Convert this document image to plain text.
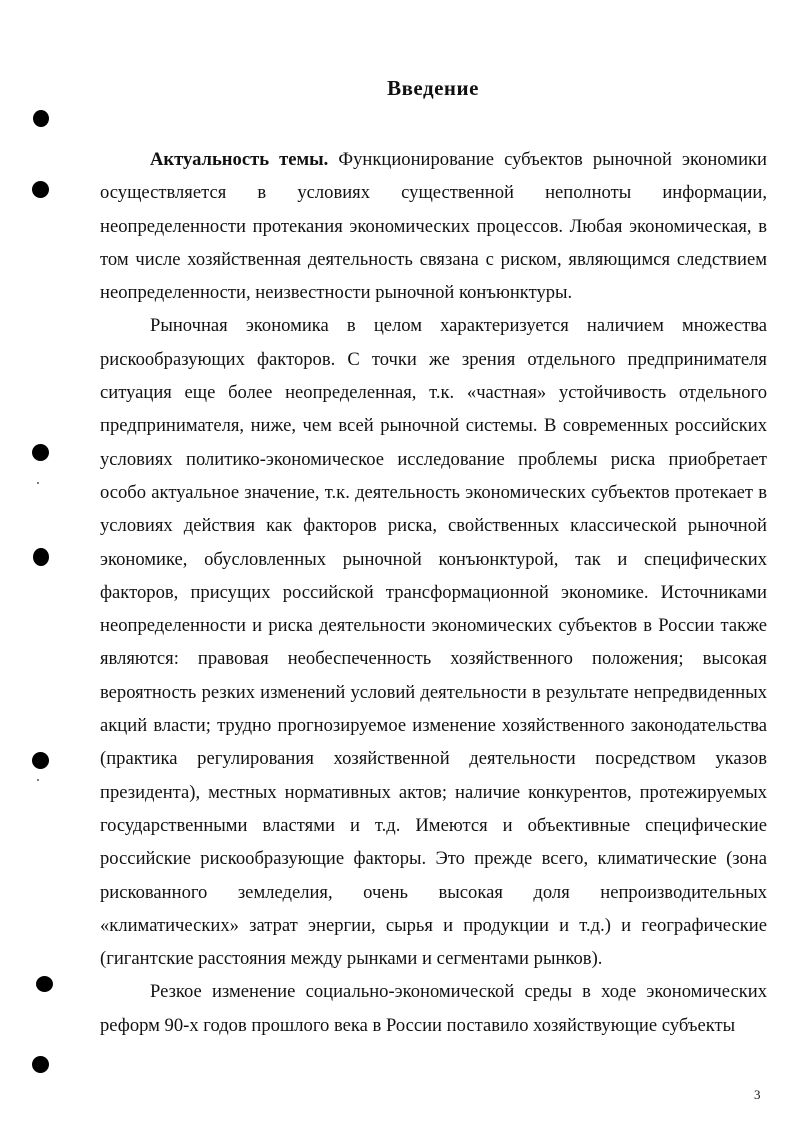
Введение

Актуальность темы. Функционирование субъектов рыночной экономики осуществляется в условиях существенной неполноты информации, неопределенности протекания экономических процессов. Любая экономическая, в том числе хозяйственная деятельность связана с риском, являющимся следствием неопределенности, неизвестности рыночной конъюнктуры.

Рыночная экономика в целом характеризуется наличием множества рискообразующих факторов. С точки же зрения отдельного предпринимателя ситуация еще более неопределенная, т.к. «частная» устойчивость отдельного предпринимателя, ниже, чем всей рыночной системы. В современных российских условиях политико-экономическое исследование проблемы риска приобретает особо актуальное значение, т.к. деятельность экономических субъектов протекает в условиях действия как факторов риска, свойственных классической рыночной экономике, обусловленных рыночной конъюнктурой, так и специфических факторов, присущих российской трансформационной экономике. Источниками неопределенности и риска деятельности экономических субъектов в России также являются: правовая необеспеченность хозяйственного положения; высокая вероятность резких изменений условий деятельности в результате непредвиденных акций власти; трудно прогнозируемое изменение хозяйственного законодательства (практика регулирования хозяйственной деятельности посредством указов президента), местных нормативных актов; наличие конкурентов, протежируемых государственными властями и т.д. Имеются и объективные специфические российские рискообразующие факторы. Это прежде всего, климатические (зона рискованного земледелия, очень высокая доля непроизводительных «климатических» затрат энергии, сырья и продукции и т.д.) и географические (гигантские расстояния между рынками и сегментами рынков).

Резкое изменение социально-экономической среды в ходе экономических реформ 90-х годов прошлого века в России поставило хозяйствующие субъекты

3
